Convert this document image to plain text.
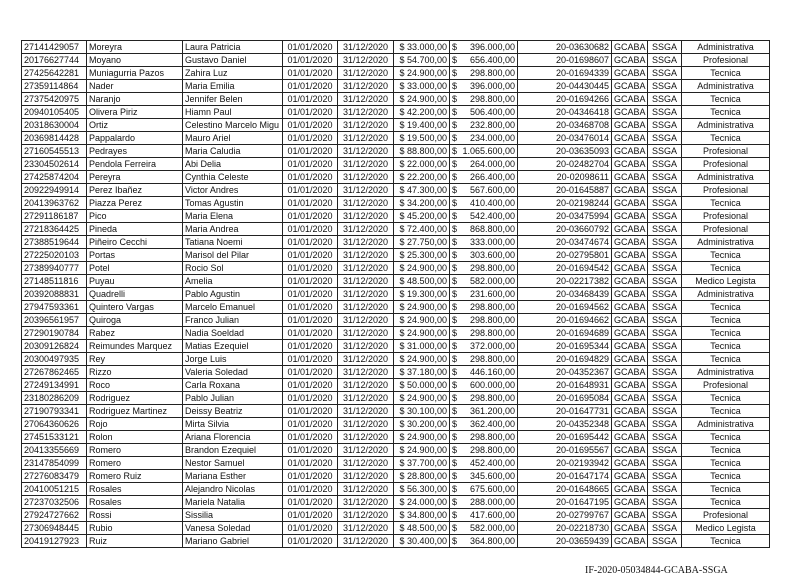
27141429057	Moreyra	Laura Patricia	01/01/2020	31/12/2020	$ 33.000,00	$ 396.000,00	20-03630682	GCABA	SSGA	Administrativa
20176627744	Moyano	Gustavo Daniel	01/01/2020	31/12/2020	$ 54.700,00	$ 656.400,00	20-01698607	GCABA	SSGA	Profesional
27425642281	Muniagurria Pazos	Zahira Luz	01/01/2020	31/12/2020	$ 24.900,00	$ 298.800,00	20-01694339	GCABA	SSGA	Tecnica
27359114864	Nader	Maria Emilia	01/01/2020	31/12/2020	$ 33.000,00	$ 396.000,00	20-04430445	GCABA	SSGA	Administrativa
27375420975	Naranjo	Jennifer Belen	01/01/2020	31/12/2020	$ 24.900,00	$ 298.800,00	20-01694266	GCABA	SSGA	Tecnica
20940105405	Olivera Piriz	Hiamn Paul	01/01/2020	31/12/2020	$ 42.200,00	$ 506.400,00	20-04346418	GCABA	SSGA	Tecnica
20318630004	Ortiz	Celestino Marcelo Migu	01/01/2020	31/12/2020	$ 19.400,00	$ 232.800,00	20-03468708	GCABA	SSGA	Administrativa
20369814428	Pappalardo	Mauro Ariel	01/01/2020	31/12/2020	$ 19.500,00	$ 234.000,00	20-03476014	GCABA	SSGA	Tecnica
27160545513	Pedrayes	Maria Caludia	01/01/2020	31/12/2020	$ 88.800,00	$ 1.065.600,00	20-03635093	GCABA	SSGA	Profesional
23304502614	Pendola Ferreira	Abi Delia	01/01/2020	31/12/2020	$ 22.000,00	$ 264.000,00	20-02482704	GCABA	SSGA	Profesional
27425874204	Pereyra	Cynthia Celeste	01/01/2020	31/12/2020	$ 22.200,00	$ 266.400,00	20-02098611	GCABA	SSGA	Administrativa
20922949914	Perez Ibañez	Victor Andres	01/01/2020	31/12/2020	$ 47.300,00	$ 567.600,00	20-01645887	GCABA	SSGA	Profesional
20413963762	Piazza Perez	Tomas Agustin	01/01/2020	31/12/2020	$ 34.200,00	$ 410.400,00	20-02198244	GCABA	SSGA	Tecnica
27291186187	Pico	Maria Elena	01/01/2020	31/12/2020	$ 45.200,00	$ 542.400,00	20-03475994	GCABA	SSGA	Profesional
27218364425	Pineda	Maria Andrea	01/01/2020	31/12/2020	$ 72.400,00	$ 868.800,00	20-03660792	GCABA	SSGA	Profesional
27388519644	Piñeiro Cecchi	Tatiana Noemi	01/01/2020	31/12/2020	$ 27.750,00	$ 333.000,00	20-03474674	GCABA	SSGA	Administrativa
27225020103	Portas	Marisol del Pilar	01/01/2020	31/12/2020	$ 25.300,00	$ 303.600,00	20-02795801	GCABA	SSGA	Tecnica
27389940777	Potel	Rocio Sol	01/01/2020	31/12/2020	$ 24.900,00	$ 298.800,00	20-01694542	GCABA	SSGA	Tecnica
27148511816	Puyau	Amelia	01/01/2020	31/12/2020	$ 48.500,00	$ 582.000,00	20-02217382	GCABA	SSGA	Medico Legista
20392088831	Quadrelli	Pablo Agustin	01/01/2020	31/12/2020	$ 19.300,00	$ 231.600,00	20-03468439	GCABA	SSGA	Administrativa
27947593361	Quintero Vargas	Marcelo Emanuel	01/01/2020	31/12/2020	$ 24.900,00	$ 298.800,00	20-01694562	GCABA	SSGA	Tecnica
20396561957	Quiroga	Franco Julian	01/01/2020	31/12/2020	$ 24.900,00	$ 298.800,00	20-01694662	GCABA	SSGA	Tecnica
27290190784	Rabez	Nadia Soeldad	01/01/2020	31/12/2020	$ 24.900,00	$ 298.800,00	20-01694689	GCABA	SSGA	Tecnica
20309126824	Reimundes Marquez	Matias Ezequiel	01/01/2020	31/12/2020	$ 31.000,00	$ 372.000,00	20-01695344	GCABA	SSGA	Tecnica
20300497935	Rey	Jorge Luis	01/01/2020	31/12/2020	$ 24.900,00	$ 298.800,00	20-01694829	GCABA	SSGA	Tecnica
27267862465	Rizzo	Valeria Soledad	01/01/2020	31/12/2020	$ 37.180,00	$ 446.160,00	20-04352367	GCABA	SSGA	Administrativa
27249134991	Roco	Carla Roxana	01/01/2020	31/12/2020	$ 50.000,00	$ 600.000,00	20-01648931	GCABA	SSGA	Profesional
23180286209	Rodriguez	Pablo Julian	01/01/2020	31/12/2020	$ 24.900,00	$ 298.800,00	20-01695084	GCABA	SSGA	Tecnica
27190793341	Rodriguez Martinez	Deissy Beatriz	01/01/2020	31/12/2020	$ 30.100,00	$ 361.200,00	20-01647731	GCABA	SSGA	Tecnica
27064360626	Rojo	Mirta Silvia	01/01/2020	31/12/2020	$ 30.200,00	$ 362.400,00	20-04352348	GCABA	SSGA	Administrativa
27451533121	Rolon	Ariana Florencia	01/01/2020	31/12/2020	$ 24.900,00	$ 298.800,00	20-01695442	GCABA	SSGA	Tecnica
20413355669	Romero	Brandon Ezequiel	01/01/2020	31/12/2020	$ 24.900,00	$ 298.800,00	20-01695567	GCABA	SSGA	Tecnica
23147854099	Romero	Nestor Samuel	01/01/2020	31/12/2020	$ 37.700,00	$ 452.400,00	20-02193942	GCABA	SSGA	Tecnica
27276083479	Romero Ruiz	Mariana Esther	01/01/2020	31/12/2020	$ 28.800,00	$ 345.600,00	20-01647174	GCABA	SSGA	Tecnica
20410051215	Rosales	Alejandro Nicolas	01/01/2020	31/12/2020	$ 56.300,00	$ 675.600,00	20-01648665	GCABA	SSGA	Tecnica
27237032506	Rosales	Mariela Natalia	01/01/2020	31/12/2020	$ 24.000,00	$ 288.000,00	20-01647195	GCABA	SSGA	Tecnica
27924727662	Rossi	Sissilia	01/01/2020	31/12/2020	$ 34.800,00	$ 417.600,00	20-02799767	GCABA	SSGA	Profesional
27306948445	Rubio	Vanesa Soledad	01/01/2020	31/12/2020	$ 48.500,00	$ 582.000,00	20-02218730	GCABA	SSGA	Medico Legista
20419127923	Ruiz	Mariano Gabriel	01/01/2020	31/12/2020	$ 30.400,00	$ 364.800,00	20-03659439	GCABA	SSGA	Tecnica
IF-2020-05034844-GCABA-SSGA
